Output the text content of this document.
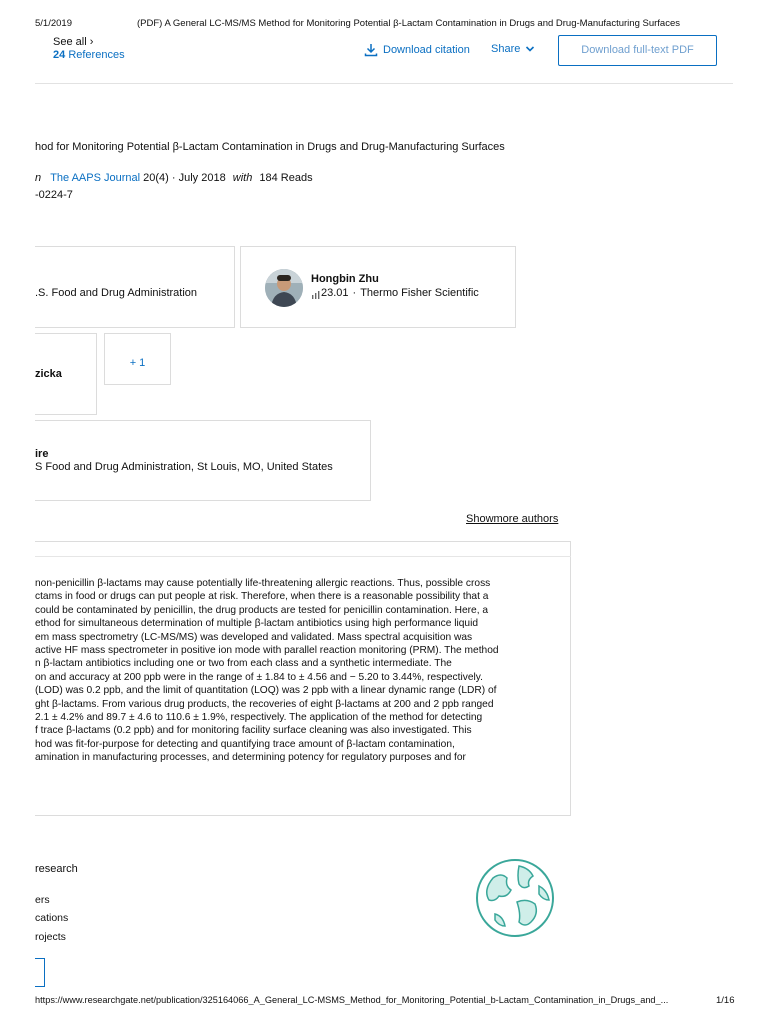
5/1/2019	(PDF) A General LC-MS/MS Method for Monitoring Potential β-Lactam Contamination in Drugs and Drug-Manufacturing Surfaces
See all ›
24 References	Download citation Share	Download full-text PDF
hod for Monitoring Potential β-Lactam Contamination in Drugs and Drug-Manufacturing Surfaces
n The AAPS Journal 20(4) · July 2018 with 184 Reads
-0224-7
.S. Food and Drug Administration
Hongbin Zhu
23.01 · Thermo Fisher Scientific
zicka
+ 1
ire
S Food and Drug Administration, St Louis, MO, United States
Showmore authors
non-penicillin β-lactams may cause potentially life-threatening allergic reactions. Thus, possible cross
ctams in food or drugs can put people at risk. Therefore, when there is a reasonable possibility that a
could be contaminated by penicillin, the drug products are tested for penicillin contamination. Here, a
ethod for simultaneous determination of multiple β-lactam antibiotics using high performance liquid
em mass spectrometry (LC-MS/MS) was developed and validated. Mass spectral acquisition was
active HF mass spectrometer in positive ion mode with parallel reaction monitoring (PRM). The method
n β-lactam antibiotics including one or two from each class and a synthetic intermediate. The
on and accuracy at 200 ppb were in the range of ± 1.84 to ± 4.56 and − 5.20 to 3.44%, respectively.
(LOD) was 0.2 ppb, and the limit of quantitation (LOQ) was 2 ppb with a linear dynamic range (LDR) of
ght β-lactams. From various drug products, the recoveries of eight β-lactams at 200 and 2 ppb ranged
2.1 ± 4.2% and 89.7 ± 4.6 to 110.6 ± 1.9%, respectively. The application of the method for detecting
f trace β-lactams (0.2 ppb) and for monitoring facility surface cleaning was also investigated. This
hod was fit-for-purpose for detecting and quantifying trace amount of β-lactam contamination,
amination in manufacturing processes, and determining potency for regulatory purposes and for
research
ers
cations
rojects
https://www.researchgate.net/publication/325164066_A_General_LC-MSMS_Method_for_Monitoring_Potential_b-Lactam_Contamination_in_Drugs_and_...	1/16
